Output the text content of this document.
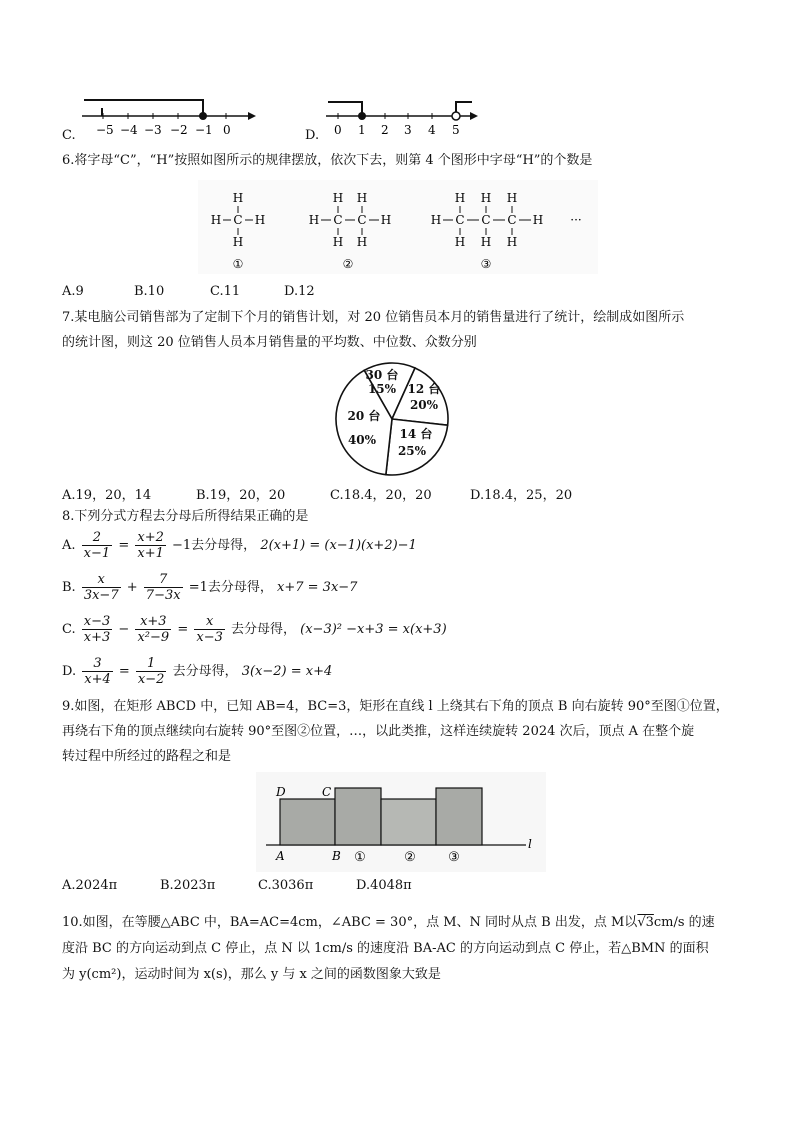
C. −5 −4 −3 −2 −1 0	D. 0 1 2 3 4 5
6.将字母“C”，“H”按照如图所示的规律摆放，依次下去，则第 4 个图形中字母“H”的个数是
H
H C H
H
H H
H C C H
H H
H H H
H C C C H
H H H
···
①	②	③
A.9	B.10	C.11	D.12
7.某电脑公司销售部为了定制下个月的销售计划，对 20 位销售员本月的销售量进行了统计，绘制成如图所示
的统计图，则这 20 位销售人员本月销售量的平均数、中位数、众数分别
30 台
15% 12 台
20%
14 台
25%
20 台
40%
A.19，20，14	B.19，20，20	C.18.4，20，20	D.18.4，25，20
8.下列分式方程去分母后所得结果正确的是
A. $\frac{2}{x-1} = \frac{x+2}{x+1} -1$去分母得， 2(x+1) = (x−1)(x+2)−1
B. $\frac{x}{3x-7} + \frac{7}{7-3x} =1$去分母得， x+7 = 3x−7
C. $\frac{x-3}{x+3} - \frac{x+3}{\text{x²−9}} = \frac{x}{x-3}$ 去分母得， (x−3)² −x+3 = x(x+3)
D. $\frac{3}{x+4} = \frac{1}{x-2}$ 去分母得， 3(x−2) = x+4
9.如图，在矩形 ABCD 中，已知 AB=4，BC=3，矩形在直线 l 上绕其右下角的顶点 B 向右旋转 90°至图①位置，
再绕右下角的顶点继续向右旋转 90°至图②位置，…，以此类推，这样连续旋转 2024 次后，顶点 A 在整个旋
转过程中所经过的路程之和是
D	C
A	B
l
①	② ③
A.2024π	B.2023π	C.3036π	D.4048π
10.如图，在等腰△ABC 中，BA=AC=4cm，∠ABC = 30°，点 M、N 同时从点 B 出发，点 M以√3cm/s 的速
度沿 BC 的方向运动到点 C 停止，点 N 以 1cm/s 的速度沿 BA-AC 的方向运动到点 C 停止，若△BMN 的面积
为 y(cm²)，运动时间为 x(s)，那么 y 与 x 之间的函数图象大致是
